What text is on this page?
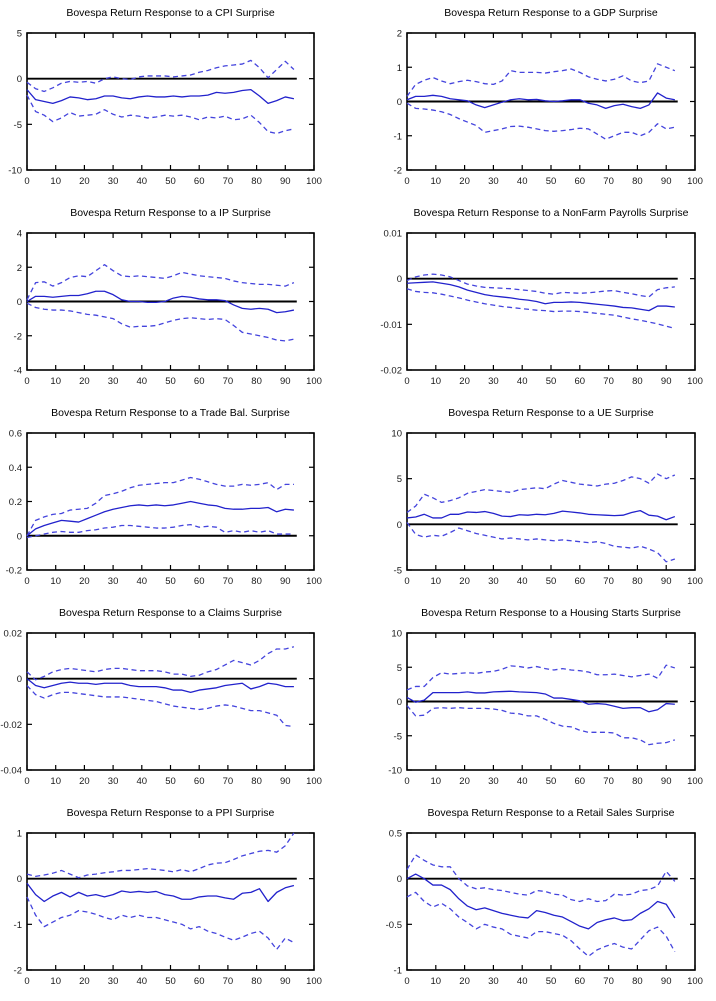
Bovespa Return Response to a CPI Surprise
0 10 20 30 40 50 60 70 80 90 100
5
0
-5
-10
Bovespa Return Response to a GDP Surprise
0 10 20 30 40 50 60 70 80 90 100
2
1
0
-1
-2
Bovespa Return Response to a IP Surprise
0 10 20 30 40 50 60 70 80 90 100
4
2
0
-2
-4
Bovespa Return Response to a NonFarm Payrolls Surprise
0 10 20 30 40 50 60 70 80 90 100
0.01
0
-0.01
-0.02
Bovespa Return Response to a Trade Bal. Surprise
0 10 20 30 40 50 60 70 80 90 100
0.6
0.4
0.2
0
-0.2
Bovespa Return Response to a UE Surprise
0 10 20 30 40 50 60 70 80 90 100
10
5
0
-5
Bovespa Return Response to a Claims Surprise
0 10 20 30 40 50 60 70 80 90 100
0.02
0
-0.02
-0.04
Bovespa Return Response to a Housing Starts Surprise
0 10 20 30 40 50 60 70 80 90 100
10
5
0
-5
-10
Bovespa Return Response to a PPI Surprise
0 10 20 30 40 50 60 70 80 90 100
1
0
-1
-2
Bovespa Return Response to a Retail Sales Surprise
0 10 20 30 40 50 60 70 80 90 100
0.5
0
-0.5
-1
